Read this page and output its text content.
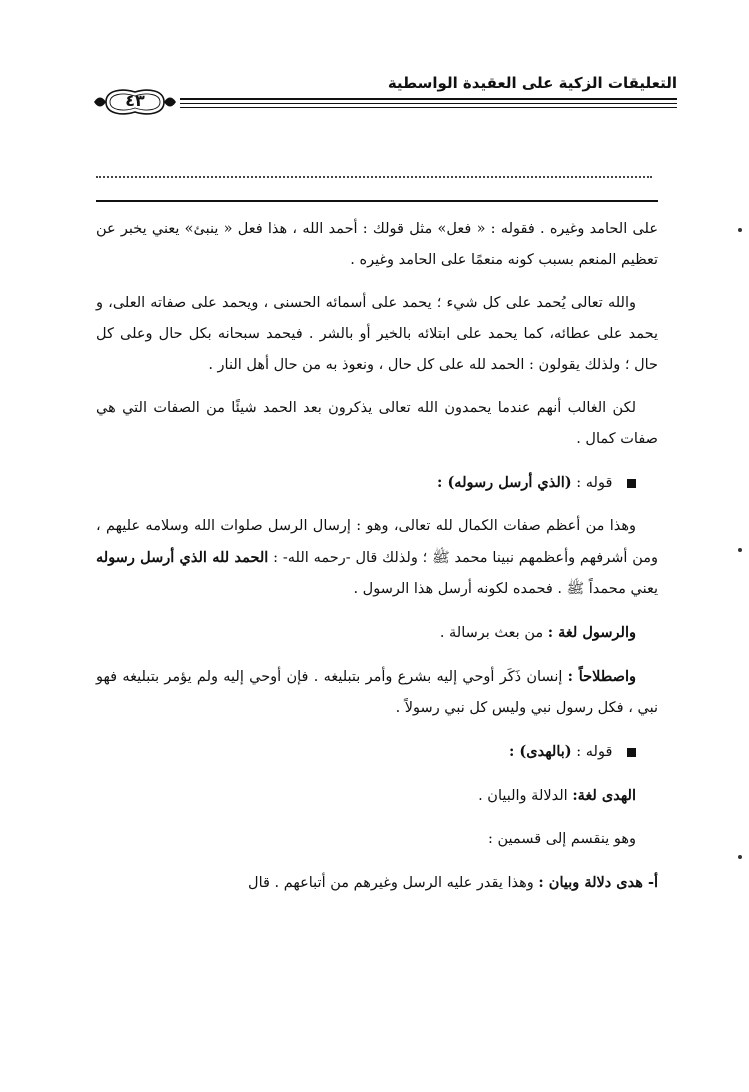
التعليقات الزكية على العقيدة الواسطية
٤٣

على الحامد وغيره . فقوله : « فعل» مثل قولك : أحمد الله ، هذا فعل « ينبئ» يعني يخبر عن تعظيم المنعم بسبب كونه منعمًا على الحامد وغيره .

والله تعالى يُحمد على كل شيء ؛ يحمد على أسمائه الحسنى ، ويحمد على صفاته العلى، و يحمد على عطائه، كما يحمد على ابتلائه بالخير أو بالشر . فيحمد سبحانه بكل حال وعلى كل حال ؛ ولذلك يقولون : الحمد لله على كل حال ، ونعوذ به من حال أهل النار .

لكن الغالب أنهم عندما يحمدون الله تعالى يذكرون بعد الحمد شيئًا من الصفات التي هي صفات كمال .

قوله : (الذي أرسل رسوله) :

وهذا من أعظم صفات الكمال لله تعالى، وهو : إرسال الرسل صلوات الله وسلامه عليهم ، ومن أشرفهم وأعظمهم نبينا محمد ﷺ ؛ ولذلك قال -رحمه الله- : الحمد لله الذي أرسل رسوله يعني محمداً ﷺ . فحمده لكونه أرسل هذا الرسول .

والرسول لغة : من بعث برسالة .

واصطلاحاً : إنسان ذَكَر أوحي إليه بشرع وأمر بتبليغه . فإن أوحي إليه ولم يؤمر بتبليغه فهو نبي ، فكل رسول نبي وليس كل نبي رسولاً .

قوله : (بالهدى) :

الهدى لغة: الدلالة والبيان .

وهو ينقسم إلى قسمين :

أ- هدى دلالة وبيان : وهذا يقدر عليه الرسل وغيرهم من أتباعهم . قال
